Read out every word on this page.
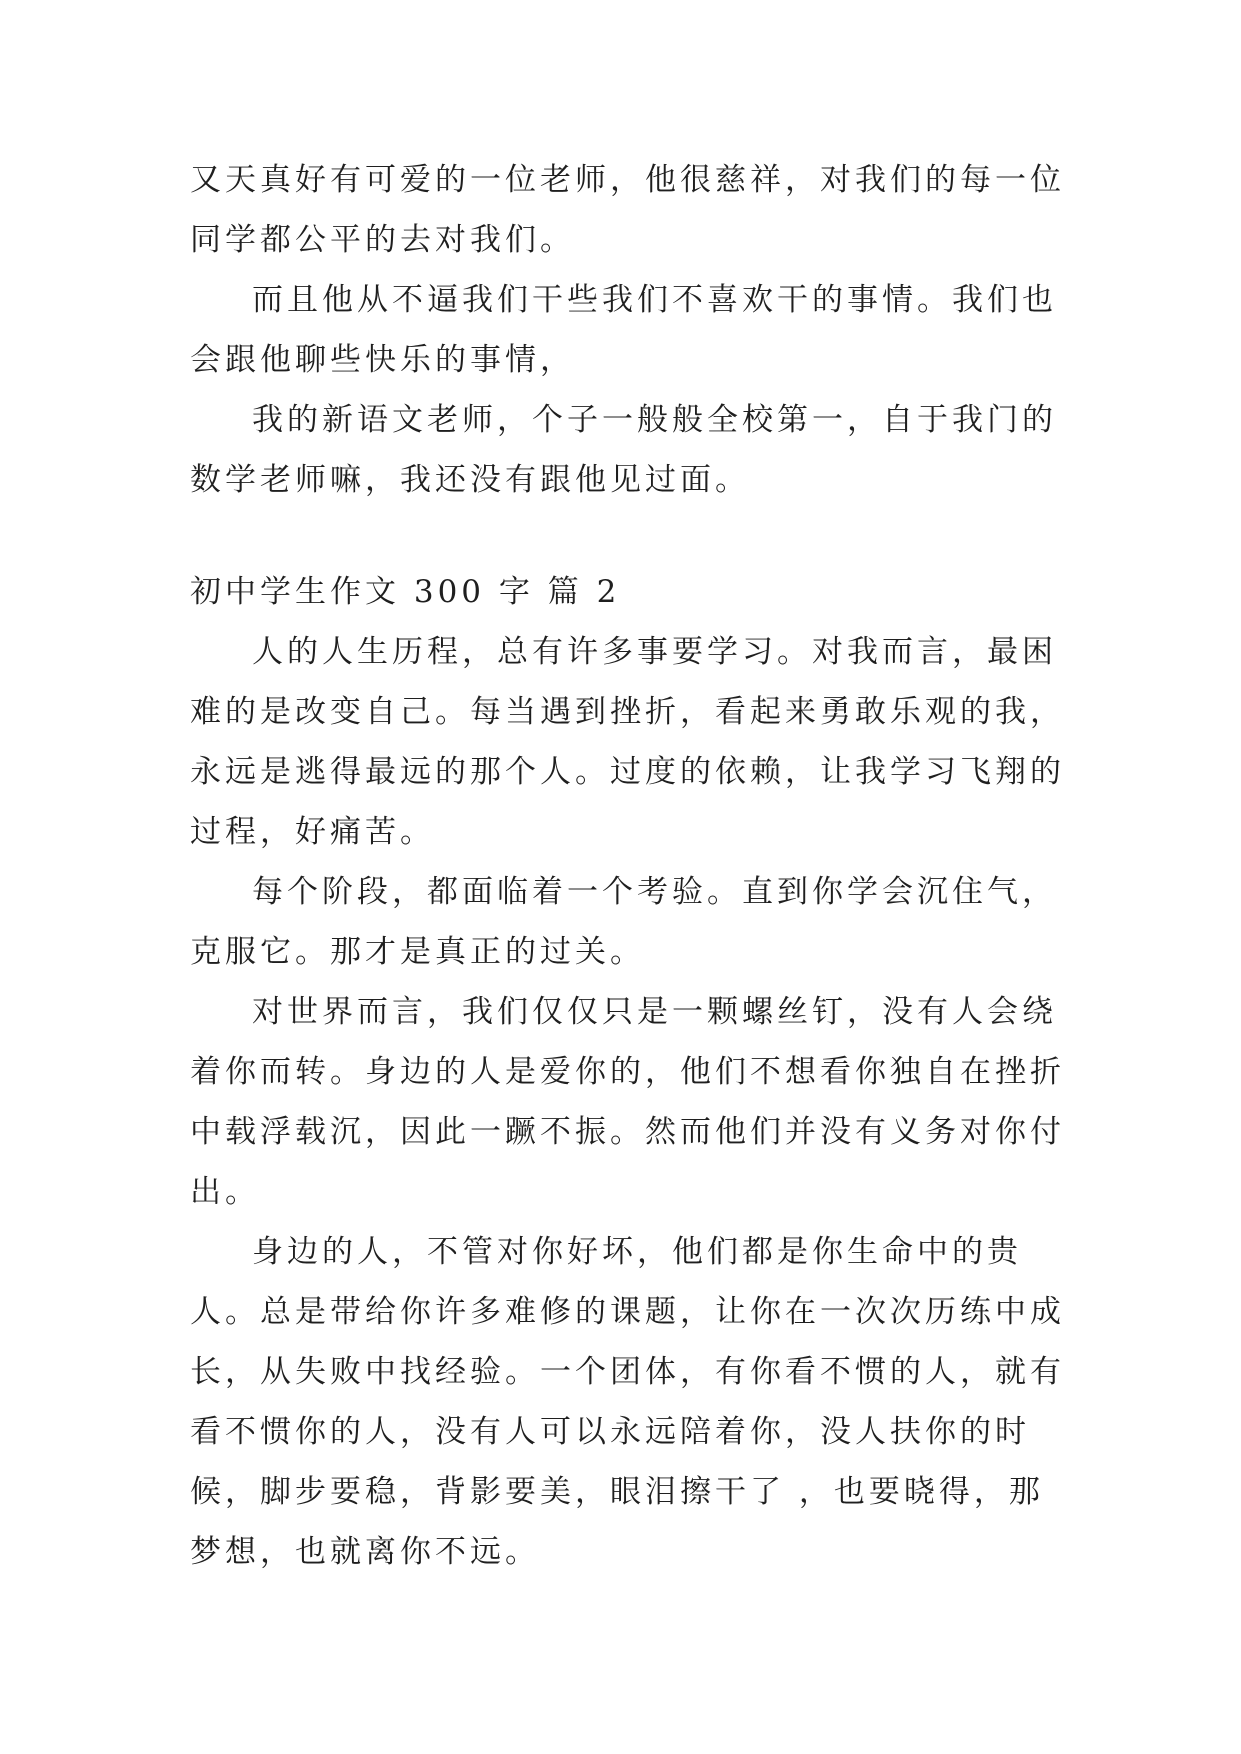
又天真好有可爱的一位老师，他很慈祥，对我们的每一位同学都公平的去对我们。

而且他从不逼我们干些我们不喜欢干的事情。我们也会跟他聊些快乐的事情，

我的新语文老师，个子一般般全校第一，自于我门的数学老师嘛，我还没有跟他见过面。

初中学生作文 300 字 篇 2

人的人生历程，总有许多事要学习。对我而言，最困难的是改变自己。每当遇到挫折，看起来勇敢乐观的我，永远是逃得最远的那个人。过度的依赖，让我学习飞翔的过程，好痛苦。

每个阶段，都面临着一个考验。直到你学会沉住气，克服它。那才是真正的过关。

对世界而言，我们仅仅只是一颗螺丝钉，没有人会绕着你而转。身边的人是爱你的，他们不想看你独自在挫折中载浮载沉，因此一蹶不振。然而他们并没有义务对你付出。

身边的人，不管对你好坏，他们都是你生命中的贵人。总是带给你许多难修的课题，让你在一次次历练中成长，从失败中找经验。一个团体，有你看不惯的人，就有看不惯你的人，没有人可以永远陪着你，没人扶你的时候，脚步要稳，背影要美，眼泪擦干了 ，也要晓得，那梦想，也就离你不远。
